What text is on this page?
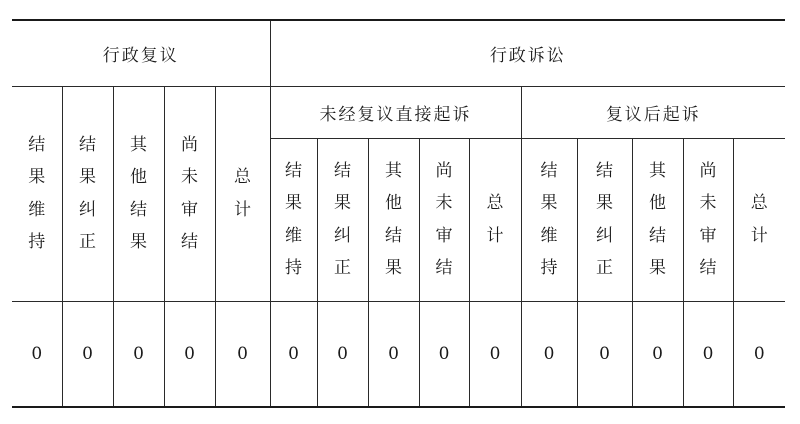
行政复议					行政诉讼									
结果维持	结果纠正	其他结果	尚未审结	总计	未经复议直接起诉					复议后起诉				
					结果维持	结果纠正	其他结果	尚未审结	总计	结果维持	结果纠正	其他结果	尚未审结	总计
0	0	0	0	0	0	0	0	0	0	0	0	0	0	0
